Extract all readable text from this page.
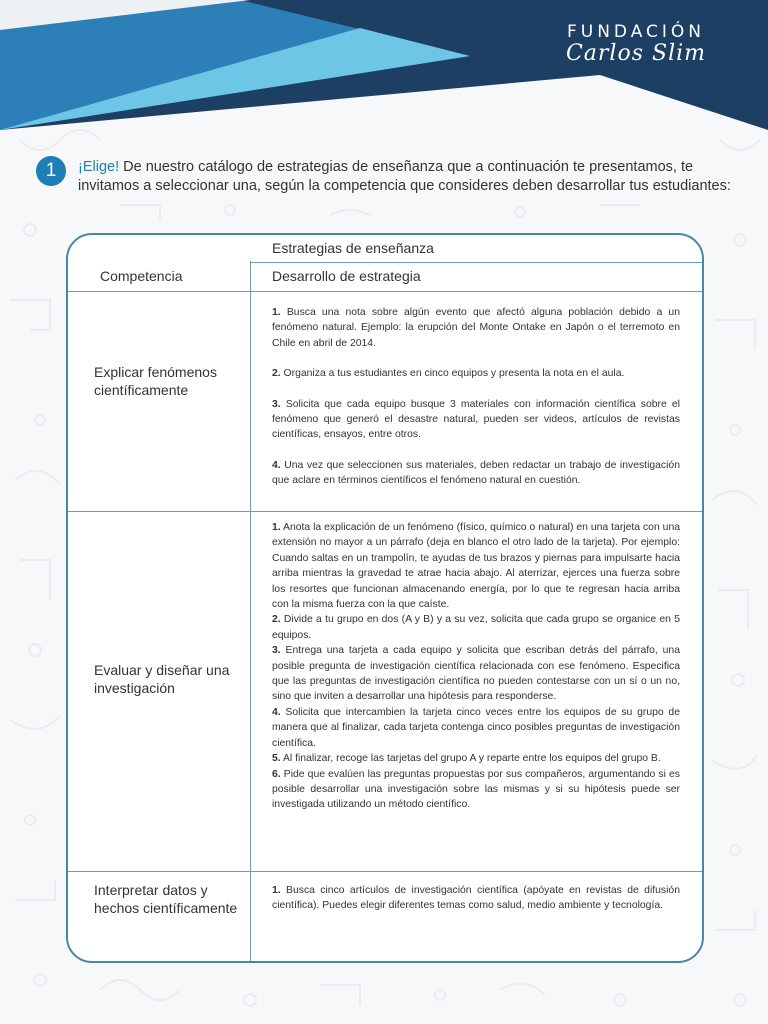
FUNDACIÓN
Carlos Slim
1	¡Elige! De nuestro catálogo de estrategias de enseñanza que a continuación te presentamos, te invitamos a seleccionar una, según la competencia que consideres deben desarrollar tus estudiantes:

Estrategias de enseñanza
Competencia	Desarrollo de estrategia
Explicar fenómenos científicamente

1. Busca una nota sobre algún evento que afectó alguna población debido a un fenómeno natural. Ejemplo: la erupción del Monte Ontake en Japón o el terremoto en Chile en abril de 2014.

2. Organiza a tus estudiantes en cinco equipos y presenta la nota en el aula.

3. Solicita que cada equipo busque 3 materiales con información científica sobre el fenómeno que generó el desastre natural, pueden ser videos, artículos de revistas científicas, ensayos, entre otros.

4. Una vez que seleccionen sus materiales, deben redactar un trabajo de investigación que aclare en términos científicos el fenómeno natural en cuestión.

Evaluar y diseñar una investigación

1. Anota la explicación de un fenómeno (físico, químico o natural) en una tarjeta con una extensión no mayor a un párrafo (deja en blanco el otro lado de la tarjeta). Por ejemplo: Cuando saltas en un trampolín, te ayudas de tus brazos y piernas para impulsarte hacia arriba mientras la gravedad te atrae hacia abajo. Al aterrizar, ejerces una fuerza sobre los resortes que funcionan almacenando energía, por lo que te regresan hacia arriba con la misma fuerza con la que caíste.

2. Divide a tu grupo en dos (A y B) y a su vez, solicita que cada grupo se organice en 5 equipos.

3. Entrega una tarjeta a cada equipo y solicita que escriban detrás del párrafo, una posible pregunta de investigación científica relacionada con ese fenómeno. Especifica que las preguntas de investigación científica no pueden contestarse con un sí o un no, sino que inviten a desarrollar una hipótesis para responderse.

4. Solicita que intercambien la tarjeta cinco veces entre los equipos de su grupo de manera que al finalizar, cada tarjeta contenga cinco posibles preguntas de investigación científica.

5. Al finalizar, recoge las tarjetas del grupo A y reparte entre los equipos del grupo B.

6. Pide que evalúen las preguntas propuestas por sus compañeros, argumentando si es posible desarrollar una investigación sobre las mismas y si su hipótesis puede ser investigada utilizando un método científico.

Interpretar datos y hechos científicamente

1. Busca cinco artículos de investigación científica (apóyate en revistas de difusión científica). Puedes elegir diferentes temas como salud, medio ambiente y tecnología.
